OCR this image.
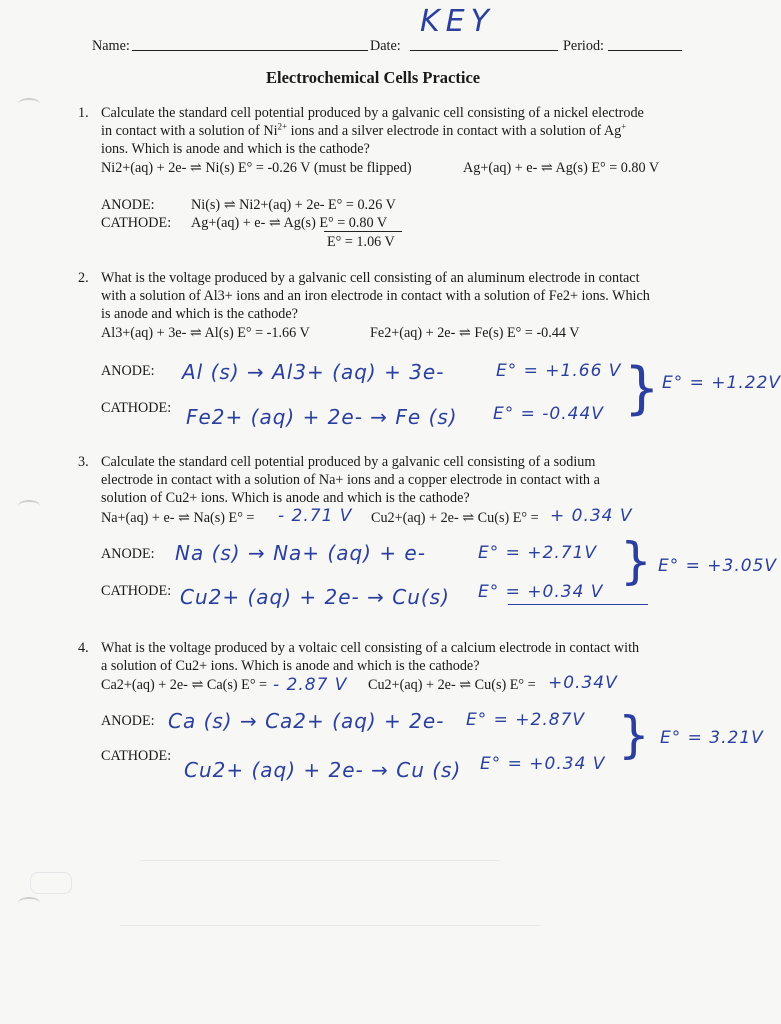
Name:	Date:	Period:
KEY
Electrochemical Cells Practice
1. Calculate the standard cell potential produced by a galvanic cell consisting of a nickel electrode
in contact with a solution of $Ni^{2+}$ ions and a silver electrode in contact with a solution of Ag+
ions. Which is anode and which is the cathode?
Ni2+(aq) + 2e- ⇌ Ni(s) E° = -0.26 V (must be flipped)	Ag+(aq) + e- ⇌ Ag(s) E° = 0.80 V
ANODE:	Ni(s) ⇌ Ni2+(aq) + 2e- E° = 0.26 V
CATHODE: Ag+(aq) + e- ⇌ Ag(s) E° = 0.80 V
E° = 1.06 V
2. What is the voltage produced by a galvanic cell consisting of an aluminum electrode in contact
with a solution of Al3+ ions and an iron electrode in contact with a solution of Fe2+ ions. Which
is anode and which is the cathode?
Al3+(aq) + 3e- ⇌ Al(s) E° = -1.66 V	Fe2+(aq) + 2e- ⇌ Fe(s) E° = -0.44 V
ANODE: Al (s) → Al3+ (aq) + 3e-	E° = +1.66 V
CATHODE: Fe2+ (aq) + 2e- → Fe (s) E° = -0.44V } E° = +1.22V
3. Calculate the standard cell potential produced by a galvanic cell consisting of a sodium
electrode in contact with a solution of Na+ ions and a copper electrode in contact with a
solution of Cu2+ ions. Which is anode and which is the cathode?
Na+(aq) + e- ⇌ Na(s) E° = - 2.71 V Cu2+(aq) + 2e- ⇌ Cu(s) E° = + 0.34 V
ANODE: Na (s) → Na+ (aq) + e-	E° = +2.71V
CATHODE: Cu2+ (aq) + 2e- → Cu(s) E° = +0.34 V
} E° = +3.05V
4. What is the voltage produced by a voltaic cell consisting of a calcium electrode in contact with
a solution of Cu2+ ions. Which is anode and which is the cathode?
Ca2+(aq) + 2e- ⇌ Ca(s) E° = - 2.87 V Cu2+(aq) + 2e- ⇌ Cu(s) E° = +0.34V
ANODE: Ca (s) → Ca2+ (aq) + 2e- E° = +2.87V
CATHODE:
Cu2+ (aq) + 2e- → Cu (s) E° = +0.34 V } E° = 3.21V
